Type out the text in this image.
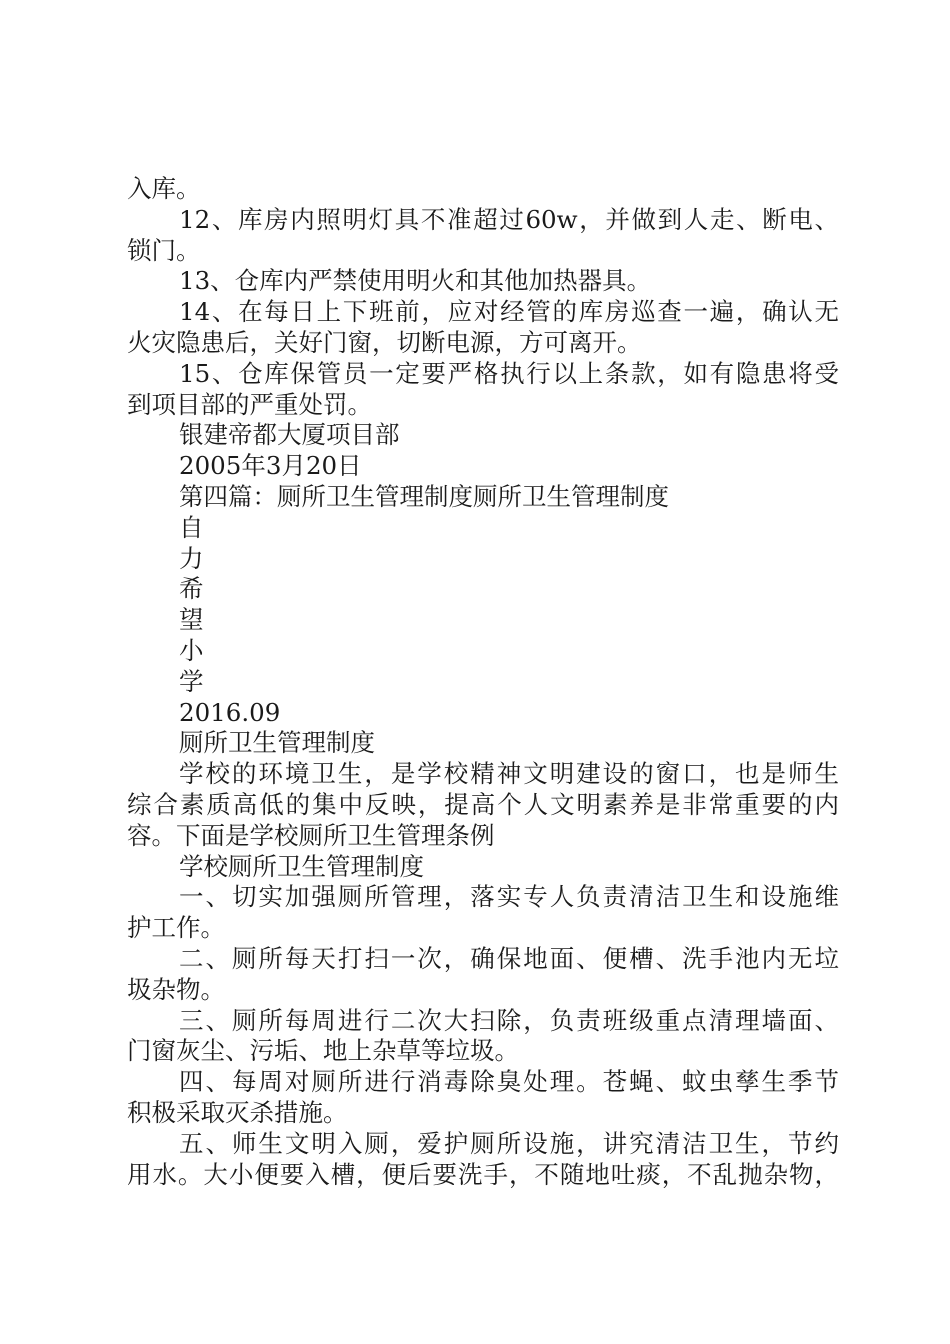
入库。
12、库房内照明灯具不准超过60w，并做到人走、断电、
锁门。
13、仓库内严禁使用明火和其他加热器具。
14、在每日上下班前，应对经管的库房巡查一遍，确认无
火灾隐患后，关好门窗，切断电源，方可离开。
15、仓库保管员一定要严格执行以上条款，如有隐患将受
到项目部的严重处罚。
银建帝都大厦项目部
2005年3月20日
第四篇：厕所卫生管理制度厕所卫生管理制度
自
力
希
望
小
学
2016.09
厕所卫生管理制度
学校的环境卫生，是学校精神文明建设的窗口，也是师生
综合素质高低的集中反映，提高个人文明素养是非常重要的内
容。下面是学校厕所卫生管理条例
学校厕所卫生管理制度
一、切实加强厕所管理，落实专人负责清洁卫生和设施维
护工作。
二、厕所每天打扫一次，确保地面、便槽、洗手池内无垃
圾杂物。
三、厕所每周进行二次大扫除，负责班级重点清理墙面、
门窗灰尘、污垢、地上杂草等垃圾。
四、每周对厕所进行消毒除臭处理。苍蝇、蚊虫孳生季节
积极采取灭杀措施。
五、师生文明入厕，爱护厕所设施，讲究清洁卫生，节约
用水。大小便要入槽，便后要洗手，不随地吐痰，不乱抛杂物，
